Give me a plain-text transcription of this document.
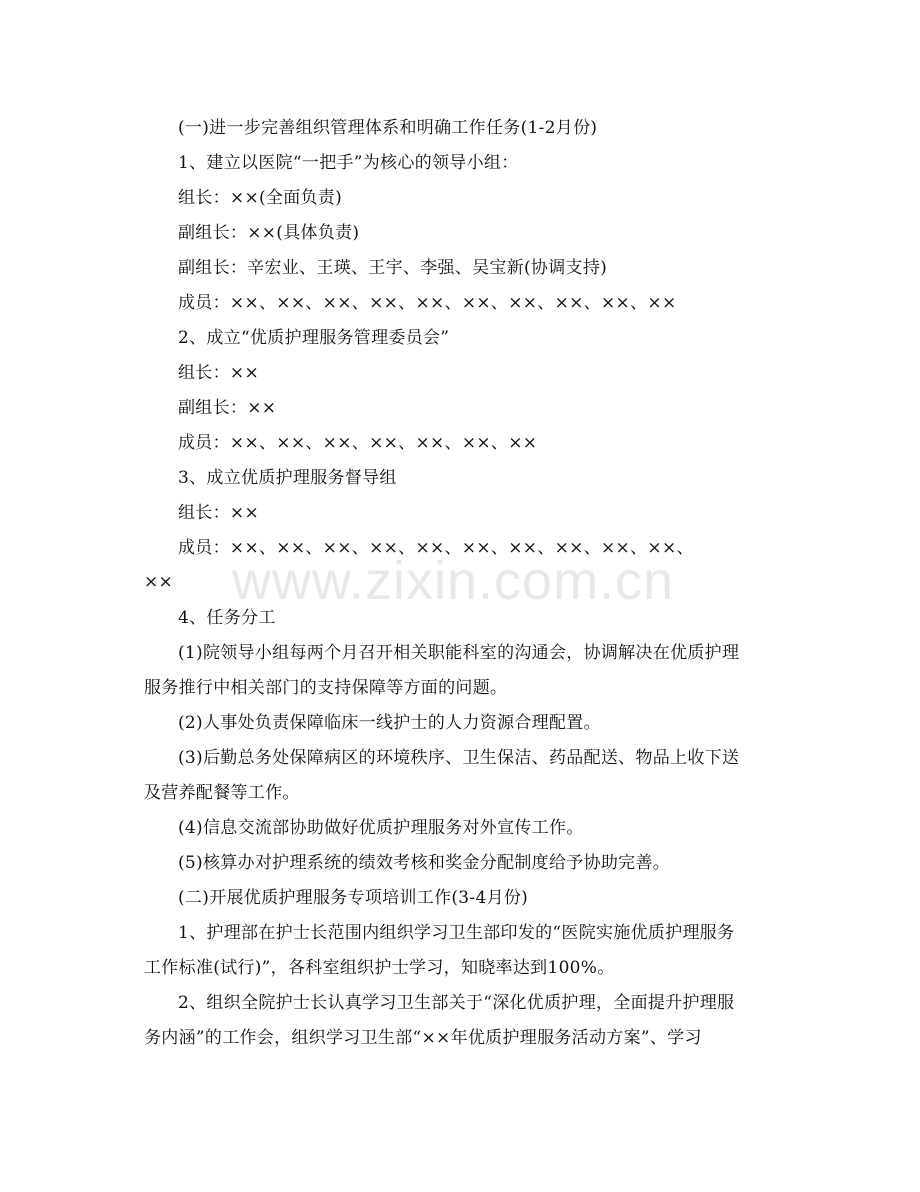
(一)进一步完善组织管理体系和明确工作任务(1-2月份)
1、建立以医院“一把手”为核心的领导小组：
组长：××(全面负责)
副组长：××(具体负责)
副组长：辛宏业、王瑛、王宇、李强、吴宝新(协调支持)
成员：××、××、××、××、××、××、××、××、××、××
2、成立“优质护理服务管理委员会”
组长：××
副组长：××
成员：××、××、××、××、××、××、××
3、成立优质护理服务督导组
组长：××
成员：××、××、××、××、××、××、××、××、××、××、
××
4、任务分工
(1)院领导小组每两个月召开相关职能科室的沟通会，协调解决在优质护理
服务推行中相关部门的支持保障等方面的问题。
(2)人事处负责保障临床一线护士的人力资源合理配置。
(3)后勤总务处保障病区的环境秩序、卫生保洁、药品配送、物品上收下送
及营养配餐等工作。
(4)信息交流部协助做好优质护理服务对外宣传工作。
(5)核算办对护理系统的绩效考核和奖金分配制度给予协助完善。
(二)开展优质护理服务专项培训工作(3-4月份)
1、护理部在护士长范围内组织学习卫生部印发的“医院实施优质护理服务
工作标准(试行)”，各科室组织护士学习，知晓率达到100%。
2、组织全院护士长认真学习卫生部关于“深化优质护理，全面提升护理服
务内涵”的工作会，组织学习卫生部“××年优质护理服务活动方案”、学习
www.zixin.com.cn
